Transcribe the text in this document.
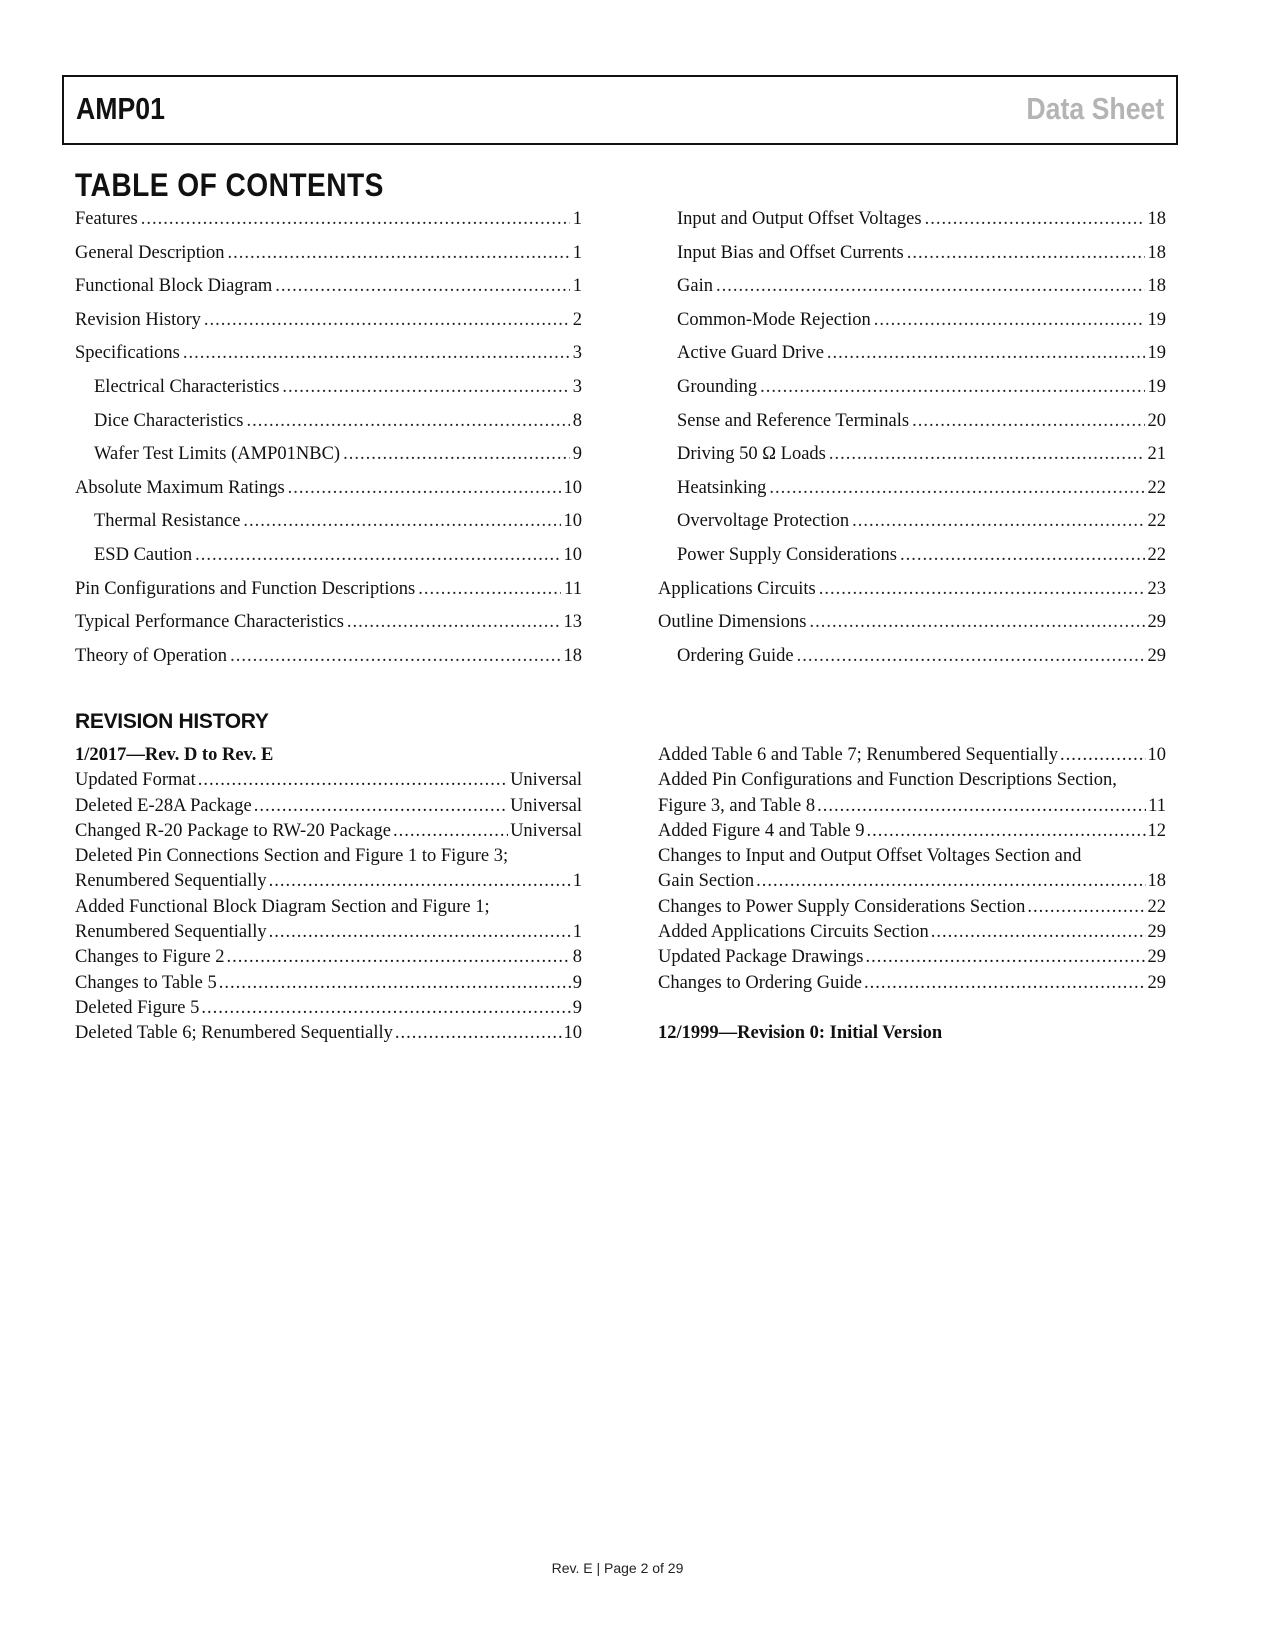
AMP01	Data Sheet
TABLE OF CONTENTS
Features .....	1
General Description .....	1
Functional Block Diagram .....	1
Revision History .....	2
Specifications .....	3
Electrical Characteristics .....	3
Dice Characteristics .....	8
Wafer Test Limits (AMP01NBC) .....	9
Absolute Maximum Ratings .....	10
Thermal Resistance .....	10
ESD Caution .....	10
Pin Configurations and Function Descriptions .....	11
Typical Performance Characteristics .....	13
Theory of Operation .....	18
Input and Output Offset Voltages .....	18
Input Bias and Offset Currents .....	18
Gain .....	18
Common-Mode Rejection .....	19
Active Guard Drive .....	19
Grounding .....	19
Sense and Reference Terminals .....	20
Driving 50 Ω Loads .....	21
Heatsinking .....	22
Overvoltage Protection .....	22
Power Supply Considerations .....	22
Applications Circuits .....	23
Outline Dimensions .....	29
Ordering Guide .....	29
REVISION HISTORY
1/2017—Rev. D to Rev. E
Updated Format .....	Universal
Deleted E-28A Package .....	Universal
Changed R-20 Package to RW-20 Package .....	Universal
Deleted Pin Connections Section and Figure 1 to Figure 3;
Renumbered Sequentially .....	1
Added Functional Block Diagram Section and Figure 1;
Renumbered Sequentially .....	1
Changes to Figure 2 .....	8
Changes to Table 5 .....	9
Deleted Figure 5 .....	9
Deleted Table 6; Renumbered Sequentially .....	10
Added Table 6 and Table 7; Renumbered Sequentially .....	10
Added Pin Configurations and Function Descriptions Section,
Figure 3, and Table 8 .....	11
Added Figure 4 and Table 9 .....	12
Changes to Input and Output Offset Voltages Section and
Gain Section .....	18
Changes to Power Supply Considerations Section .....	22
Added Applications Circuits Section .....	29
Updated Package Drawings .....	29
Changes to Ordering Guide .....	29
12/1999—Revision 0: Initial Version
Rev. E | Page 2 of 29
